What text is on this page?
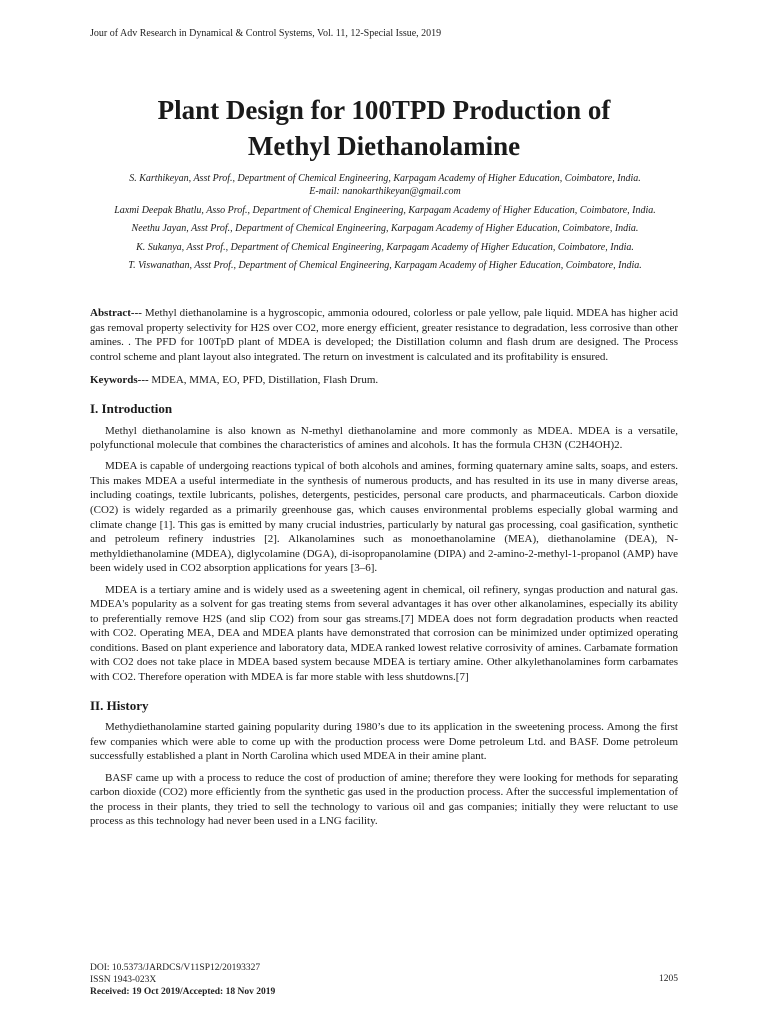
Jour of Adv Research in Dynamical & Control Systems, Vol. 11, 12-Special Issue, 2019
Plant Design for 100TPD Production of
Methyl Diethanolamine

S. Karthikeyan, Asst Prof., Department of Chemical Engineering, Karpagam Academy of Higher Education, Coimbatore, India.
E-mail: nanokarthikeyan@gmail.com

Laxmi Deepak Bhatlu, Asso Prof., Department of Chemical Engineering, Karpagam Academy of Higher Education, Coimbatore, India.

Neethu Jayan, Asst Prof., Department of Chemical Engineering, Karpagam Academy of Higher Education, Coimbatore, India.

K. Sukanya, Asst Prof., Department of Chemical Engineering, Karpagam Academy of Higher Education, Coimbatore, India.

T. Viswanathan, Asst Prof., Department of Chemical Engineering, Karpagam Academy of Higher Education, Coimbatore, India.

Abstract--- Methyl diethanolamine is a hygroscopic, ammonia odoured, colorless or pale yellow, pale liquid. MDEA has higher acid gas removal property selectivity for H2S over CO2, more energy efficient, greater resistance to degradation, less corrosive than other amines. . The PFD for 100TpD plant of MDEA is developed; the Distillation column and flash drum are designed. The Process control scheme and plant layout also integrated. The return on investment is calculated and its profitability is ensured.

Keywords--- MDEA, MMA, EO, PFD, Distillation, Flash Drum.

I. Introduction

Methyl diethanolamine is also known as N-methyl diethanolamine and more commonly as MDEA. MDEA is a versatile, polyfunctional molecule that combines the characteristics of amines and alcohols. It has the formula CH3N (C2H4OH)2.

MDEA is capable of undergoing reactions typical of both alcohols and amines, forming quaternary amine salts, soaps, and esters. This makes MDEA a useful intermediate in the synthesis of numerous products, and has resulted in its use in many diverse areas, including coatings, textile lubricants, polishes, detergents, pesticides, personal care products, and pharmaceuticals. Carbon dioxide (CO2) is widely regarded as a primarily greenhouse gas, which causes environmental problems especially global warming and climate change [1]. This gas is emitted by many crucial industries, particularly by natural gas processing, coal gasification, synthetic and petroleum refinery industries [2]. Alkanolamines such as monoethanolamine (MEA), diethanolamine (DEA), N-methyldiethanolamine (MDEA), diglycolamine (DGA), di-isopropanolamine (DIPA) and 2-amino-2-methyl-1-propanol (AMP) have been widely used in CO2 absorption applications for years [3–6].

MDEA is a tertiary amine and is widely used as a sweetening agent in chemical, oil refinery, syngas production and natural gas. MDEA's popularity as a solvent for gas treating stems from several advantages it has over other alkanolamines, especially its ability to preferentially remove H2S (and slip CO2) from sour gas streams.[7] MDEA does not form degradation products when reacted with CO2. Operating MEA, DEA and MDEA plants have demonstrated that corrosion can be minimized under optimized operating conditions. Based on plant experience and laboratory data, MDEA ranked lowest relative corrosivity of amines. Carbamate formation with CO2 does not take place in MDEA based system because MDEA is tertiary amine. Other alkylethanolamines form carbamates with CO2. Therefore operation with MDEA is far more stable with less shutdowns.[7]

II. History

Methydiethanolamine started gaining popularity during 1980’s due to its application in the sweetening process. Among the first few companies which were able to come up with the production process were Dome petroleum Ltd. and BASF. Dome petroleum successfully established a plant in North Carolina which used MDEA in their amine plant.

BASF came up with a process to reduce the cost of production of amine; therefore they were looking for methods for separating carbon dioxide (CO2) more efficiently from the synthetic gas used in the production process. After the successful implementation of the process in their plants, they tried to sell the technology to various oil and gas companies; initially they were reluctant to use process as this technology had never been used in a LNG facility.

DOI: 10.5373/JARDCS/V11SP12/20193327
ISSN 1943-023X
Received: 19 Oct 2019/Accepted: 18 Nov 2019
1205
